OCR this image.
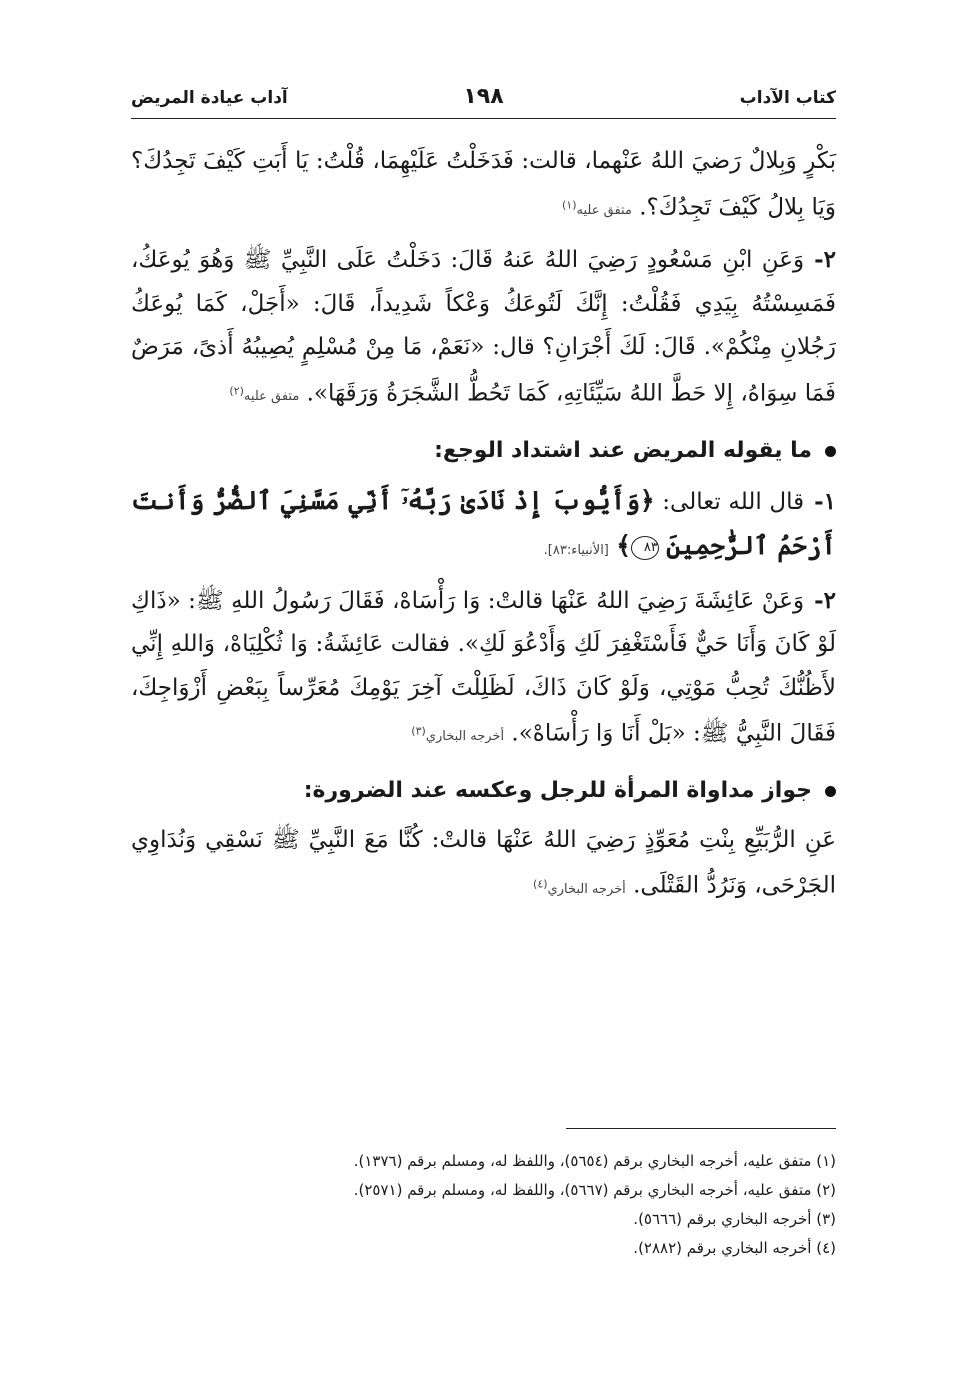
كتاب الآداب
١٩٨
آداب عيادة المريض

بَكْرٍ وَبِلالٌ رَضيَ اللهُ عَنْهما، قالت: فَدَخَلْتُ عَلَيْهِمَا، قُلْتُ: يَا أَبَتِ كَيْفَ تَجِدُكَ؟ وَيَا بِلالُ كَيْفَ تَجِدُكَ؟. متفق عليه$^{(١)}$

٢-وَعَنِ ابْنِ مَسْعُودٍ رَضِيَ اللهُ عَنهُ قَالَ: دَخَلْتُ عَلَى النَّبِيِّ ﷺ وَهُوَ يُوعَكُ، فَمَسِسْتُهُ بِيَدِي فَقُلْتُ: إِنَّكَ لَتُوعَكُ وَعْكاً شَدِيداً، قَالَ: «أَجَلْ، كَمَا يُوعَكُ رَجُلانِ مِنْكُمْ». قَالَ: لَكَ أَجْرَانِ؟ قال: «نَعَمْ، مَا مِنْ مُسْلِمٍ يُصِيبُهُ أَذىً، مَرَضٌ فَمَا سِوَاهُ، إِلا حَطَّ اللهُ سَيِّئَاتِهِ، كَمَا تَحُطُّ الشَّجَرَةُ وَرَقَهَا». متفق عليه$^{(٢)}$

ما يقوله المريض عند اشتداد الوجع:

١-قال الله تعالى: ﴿وَأَيُّوبَ إِذْ نَادَىٰ رَبَّهُۥٓ أَنِّي مَسَّنِيَ ٱلضُّرُّ وَأَنتَ أَرْحَمُ ٱلرَّٰحِمِينَ ٨٣﴾ [الأنبياء:٨٣].

٢-وَعَنْ عَائِشَةَ رَضِيَ اللهُ عَنْهَا قالتْ: وَا رَأْسَاهْ، فَقَالَ رَسُولُ اللهِ ﷺ: «ذَاكِ لَوْ كَانَ وَأَنَا حَيٌّ فَأَسْتَغْفِرَ لَكِ وَأَدْعُوَ لَكِ». فقالت عَائِشَةُ: وَا ثُكْلِيَاهْ، وَاللهِ إِنِّي لأَظُنُّكَ تُحِبُّ مَوْتِي، وَلَوْ كَانَ ذَاكَ، لَظَلِلْتَ آخِرَ يَوْمِكَ مُعَرِّساً بِبَعْضِ أَزْوَاجِكَ، فَقَالَ النَّبِيُّ ﷺ: «بَلْ أَنَا وَا رَأْسَاهْ». أخرجه البخاري$^{(٣)}$

جواز مداواة المرأة للرجل وعكسه عند الضرورة:

عَنِ الرُّبَيِّعِ بِنْتِ مُعَوِّذٍ رَضِيَ اللهُ عَنْهَا قالتْ: كُنَّا مَعَ النَّبِيِّ ﷺ نَسْقِي وَنُدَاوِي الجَرْحَى، وَنَرُدُّ القَتْلَى. أخرجه البخاري$^{(٤)}$

(١) متفق عليه، أخرجه البخاري برقم (٥٦٥٤)، واللفظ له، ومسلم برقم (١٣٧٦).
(٢) متفق عليه، أخرجه البخاري برقم (٥٦٦٧)، واللفظ له، ومسلم برقم (٢٥٧١).
(٣) أخرجه البخاري برقم (٥٦٦٦).
(٤) أخرجه البخاري برقم (٢٨٨٢).
